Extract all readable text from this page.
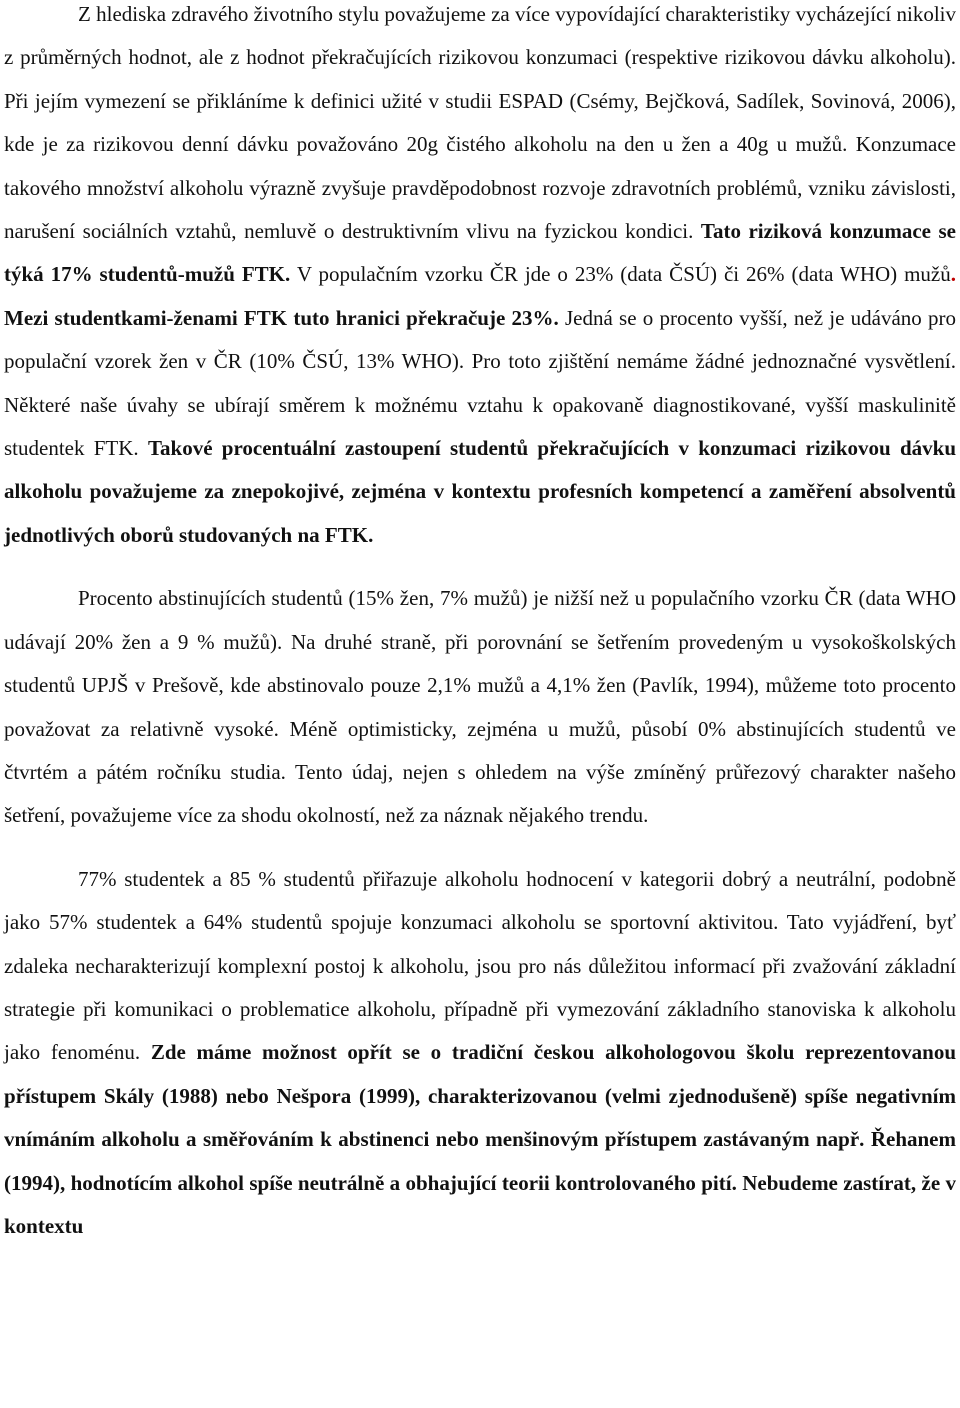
Z hlediska zdravého životního stylu považujeme za více vypovídající charakteristiky vycházející nikoliv z průměrných hodnot, ale z hodnot překračujících rizikovou konzumaci (respektive rizikovou dávku alkoholu). Při jejím vymezení se přikláníme k definici užité v studii ESPAD (Csémy, Bejčková, Sadílek, Sovinová, 2006), kde je za rizikovou denní dávku považováno 20g čistého alkoholu na den u žen a 40g u mužů. Konzumace takového množství alkoholu výrazně zvyšuje pravděpodobnost rozvoje zdravotních problémů, vzniku závislosti, narušení sociálních vztahů, nemluvě o destruktivním vlivu na fyzickou kondici. Tato riziková konzumace se týká 17% studentů-mužů FTK. V populačním vzorku ČR jde o 23% (data ČSÚ) či 26% (data WHO) mužů. Mezi studentkami-ženami FTK tuto hranici překračuje 23%. Jedná se o procento vyšší, než je udáváno pro populační vzorek žen v ČR (10% ČSÚ, 13% WHO). Pro toto zjištění nemáme žádné jednoznačné vysvětlení. Některé naše úvahy se ubírají směrem k možnému vztahu k opakovaně diagnostikované, vyšší maskulinitě studentek FTK. Takové procentuální zastoupení studentů překračujících v konzumaci rizikovou dávku alkoholu považujeme za znepokojivé, zejména v kontextu profesních kompetencí a zaměření absolventů jednotlivých oborů studovaných na FTK.

Procento abstinujících studentů (15% žen, 7% mužů) je nižší než u populačního vzorku ČR (data WHO udávají 20% žen a 9 % mužů). Na druhé straně, při porovnání se šetřením provedeným u vysokoškolských studentů UPJŠ v Prešově, kde abstinovalo pouze 2,1% mužů a 4,1% žen (Pavlík, 1994), můžeme toto procento považovat za relativně vysoké. Méně optimisticky, zejména u mužů, působí 0% abstinujících studentů ve čtvrtém a pátém ročníku studia. Tento údaj, nejen s ohledem na výše zmíněný průřezový charakter našeho šetření, považujeme více za shodu okolností, než za náznak nějakého trendu.

77% studentek a 85 % studentů přiřazuje alkoholu hodnocení v kategorii dobrý a neutrální, podobně jako 57% studentek a 64% studentů spojuje konzumaci alkoholu se sportovní aktivitou. Tato vyjádření, byť zdaleka necharakterizují komplexní postoj k alkoholu, jsou pro nás důležitou informací při zvažování základní strategie při komunikaci o problematice alkoholu, případně při vymezování základního stanoviska k alkoholu jako fenoménu. Zde máme možnost opřít se o tradiční českou alkohologovou školu reprezentovanou přístupem Skály (1988) nebo Nešpora (1999), charakterizovanou (velmi zjednodušeně) spíše negativním vnímáním alkoholu a směřováním k abstinenci nebo menšinovým přístupem zastávaným např. Řehanem (1994), hodnotícím alkohol spíše neutrálně a obhajující teorii kontrolovaného pití. Nebudeme zastírat, že v kontextu
